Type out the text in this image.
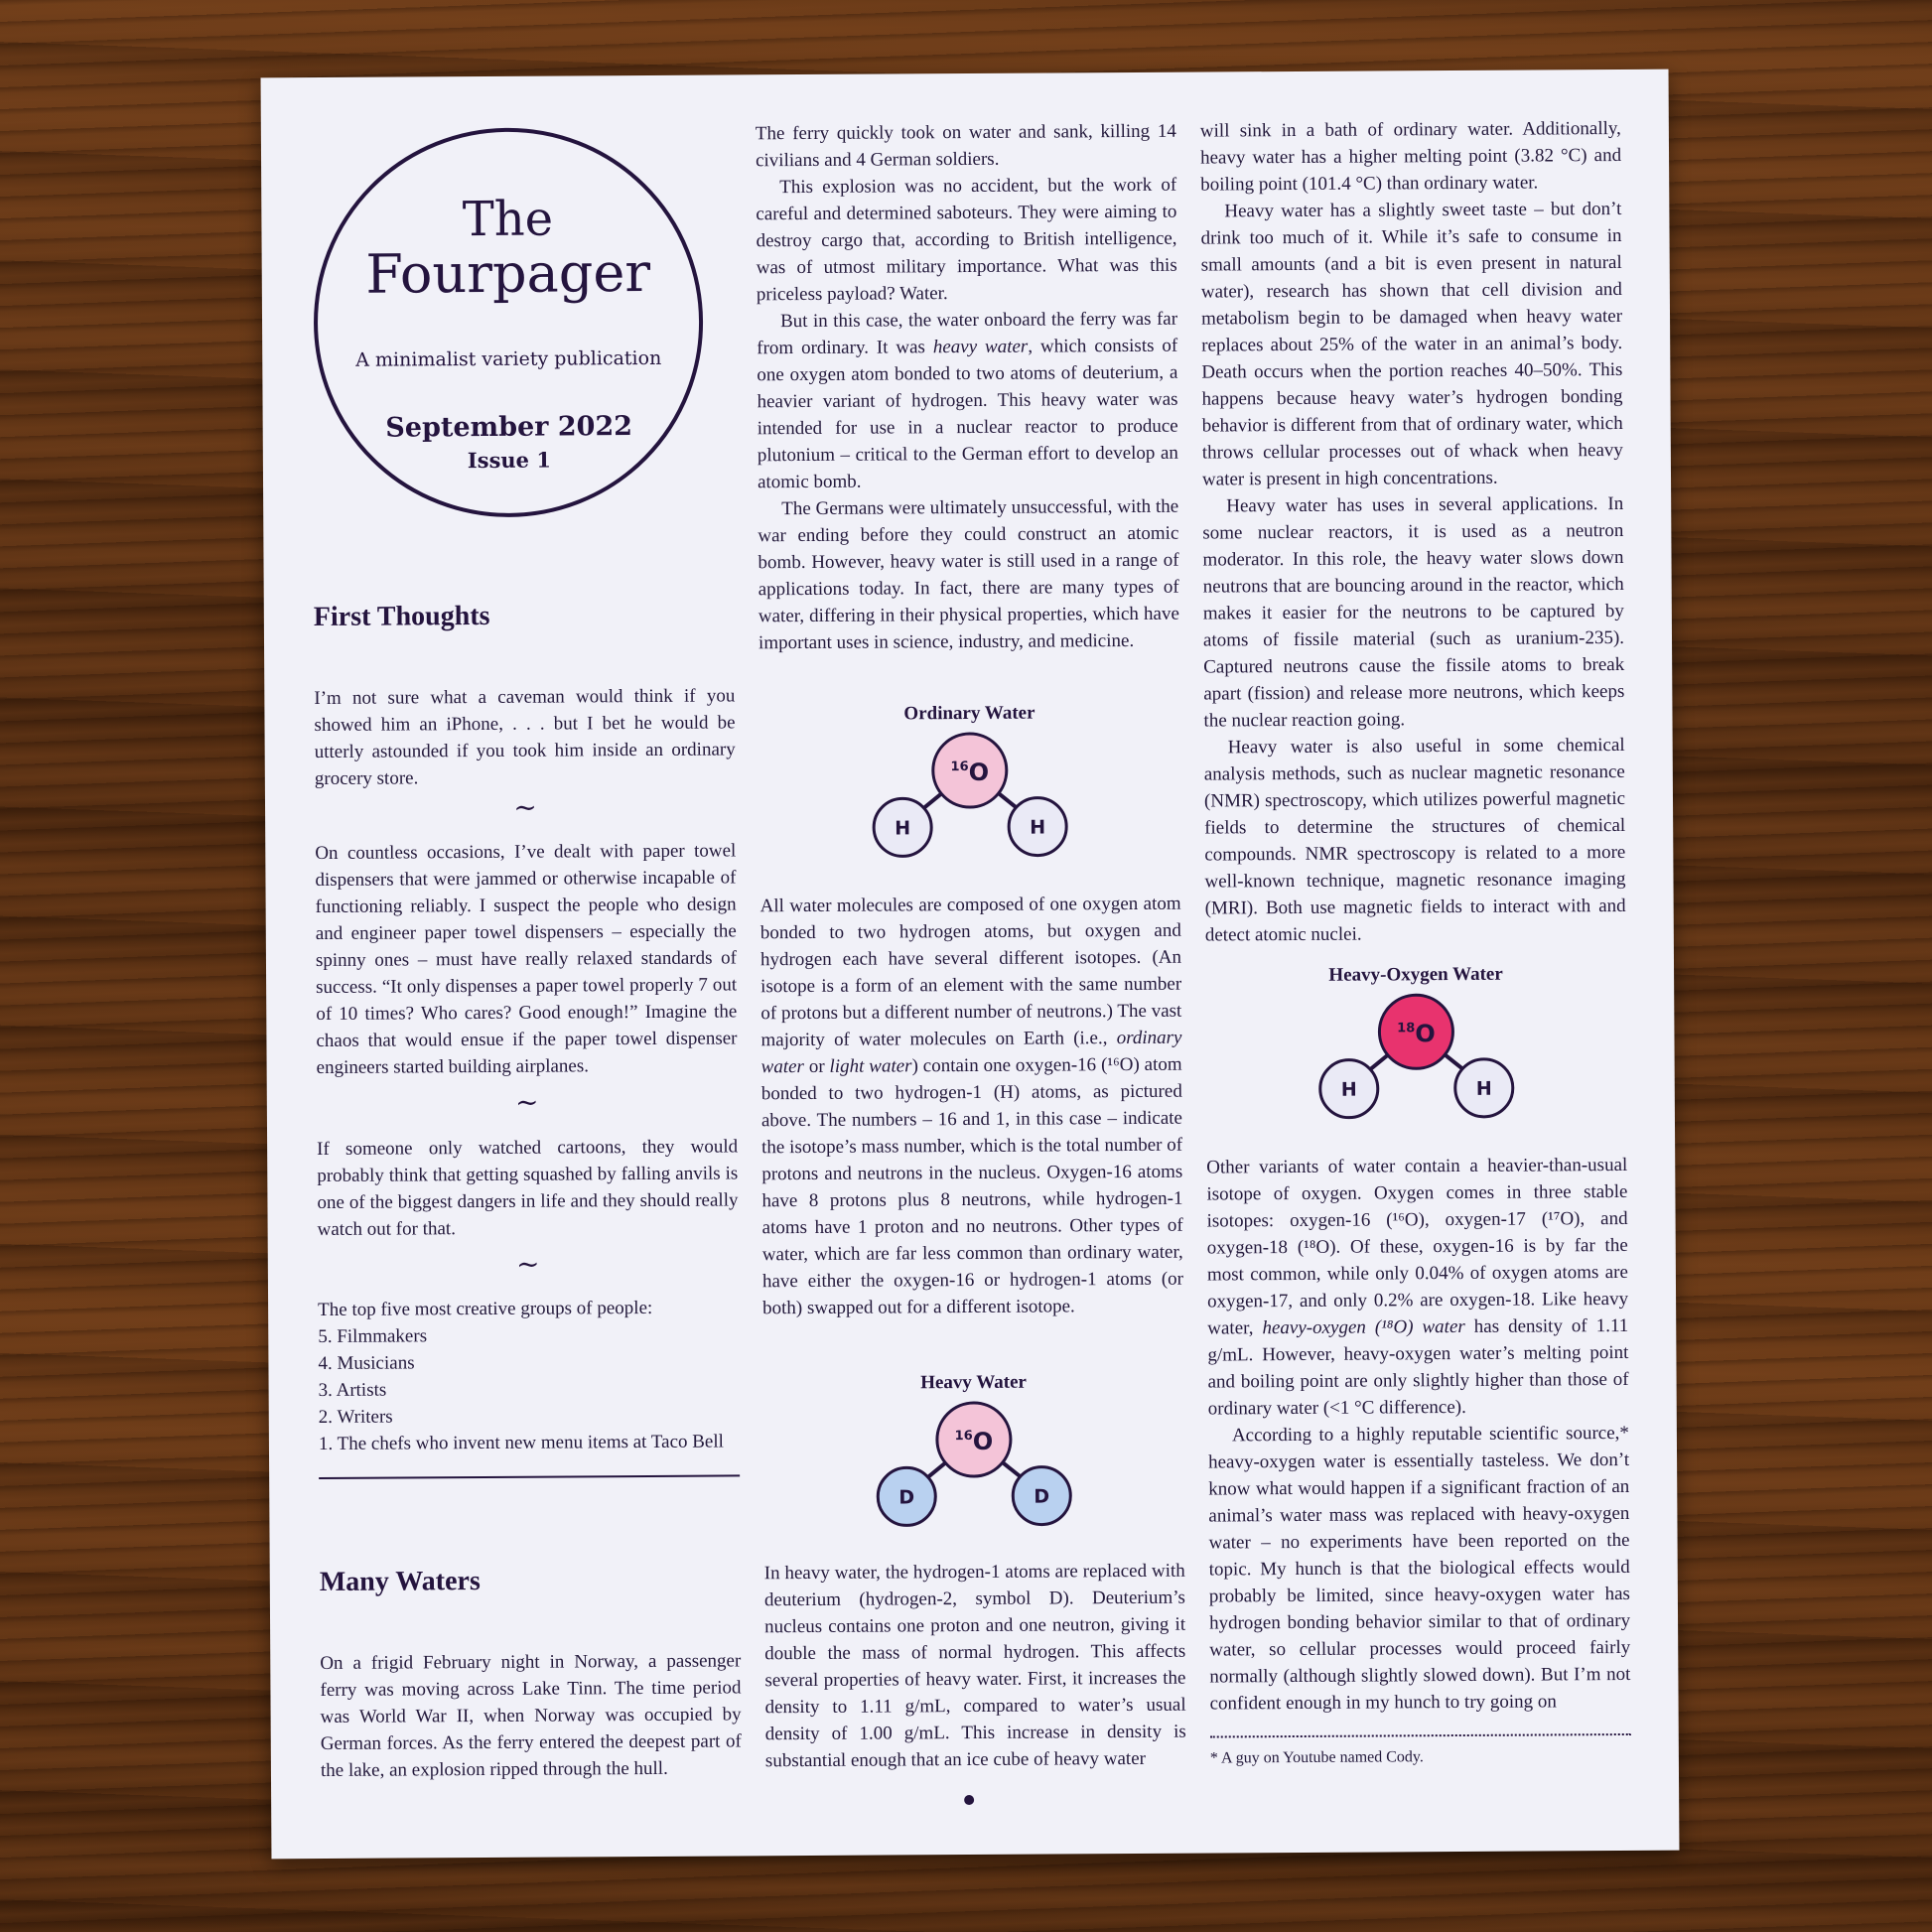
The
Fourpager
A minimalist variety publication
September 2022
Issue 1
First Thoughts
I’m not sure what a caveman would think if you showed him an iPhone, . . . but I bet he would be utterly astounded if you took him inside an ordinary grocery store.
~
On countless occasions, I’ve dealt with paper towel dispensers that were jammed or otherwise incapable of functioning reliably. I suspect the people who design and engineer paper towel dispensers – especially the spinny ones – must have really relaxed standards of success. “It only dispenses a paper towel properly 7 out of 10 times? Who cares? Good enough!” Imagine the chaos that would ensue if the paper towel dispenser engineers started building airplanes.
~
If someone only watched cartoons, they would probably think that getting squashed by falling anvils is one of the biggest dangers in life and they should really watch out for that.
~
The top five most creative groups of people:
5. Filmmakers
4. Musicians
3. Artists
2. Writers
1. The chefs who invent new menu items at Taco Bell
Many Waters
On a frigid February night in Norway, a passenger ferry was moving across Lake Tinn. The time period was World War II, when Norway was occupied by German forces. As the ferry entered the deepest part of the lake, an explosion ripped through the hull.

The ferry quickly took on water and sank, killing 14 civilians and 4 German soldiers.

This explosion was no accident, but the work of careful and determined saboteurs. They were aiming to destroy cargo that, according to British intelligence, was of utmost military importance. What was this priceless payload? Water.

But in this case, the water onboard the ferry was far from ordinary. It was heavy water, which consists of one oxygen atom bonded to two atoms of deuterium, a heavier variant of hydrogen. This heavy water was intended for use in a nuclear reactor to produce plutonium – critical to the German effort to develop an atomic bomb.

The Germans were ultimately unsuccessful, with the war ending before they could construct an atomic bomb. However, heavy water is still used in a range of applications today. In fact, there are many types of water, differing in their physical properties, which have important uses in science, industry, and medicine.

Ordinary Water
$^{16}$O
H	H

All water molecules are composed of one oxygen atom bonded to two hydrogen atoms, but oxygen and hydrogen each have several different isotopes. (An isotope is a form of an element with the same number of protons but a different number of neutrons.) The vast majority of water molecules on Earth (i.e., ordinary water or light water) contain one oxygen-16 (¹⁶O) atom bonded to two hydrogen-1 (H) atoms, as pictured above. The numbers – 16 and 1, in this case – indicate the isotope’s mass number, which is the total number of protons and neutrons in the nucleus. Oxygen-16 atoms have 8 protons plus 8 neutrons, while hydrogen-1 atoms have 1 proton and no neutrons. Other types of water, which are far less common than ordinary water, have either the oxygen-16 or hydrogen-1 atoms (or both) swapped out for a different isotope.

Heavy Water
$^{16}$O
D	D

In heavy water, the hydrogen-1 atoms are replaced with deuterium (hydrogen-2, symbol D). Deuterium’s nucleus contains one proton and one neutron, giving it double the mass of normal hydrogen. This affects several properties of heavy water. First, it increases the density to 1.11 g/mL, compared to water’s usual density of 1.00 g/mL. This increase in density is substantial enough that an ice cube of heavy water

will sink in a bath of ordinary water. Additionally, heavy water has a higher melting point (3.82 °C) and boiling point (101.4 °C) than ordinary water.

Heavy water has a slightly sweet taste – but don’t drink too much of it. While it’s safe to consume in small amounts (and a bit is even present in natural water), research has shown that cell division and metabolism begin to be damaged when heavy water replaces about 25% of the water in an animal’s body. Death occurs when the portion reaches 40–50%. This happens because heavy water’s hydrogen bonding behavior is different from that of ordinary water, which throws cellular processes out of whack when heavy water is present in high concentrations.

Heavy water has uses in several applications. In some nuclear reactors, it is used as a neutron moderator. In this role, the heavy water slows down neutrons that are bouncing around in the reactor, which makes it easier for the neutrons to be captured by atoms of fissile material (such as uranium-235). Captured neutrons cause the fissile atoms to break apart (fission) and release more neutrons, which keeps the nuclear reaction going.

Heavy water is also useful in some chemical analysis methods, such as nuclear magnetic resonance (NMR) spectroscopy, which utilizes powerful magnetic fields to determine the structures of chemical compounds. NMR spectroscopy is related to a more well-known technique, magnetic resonance imaging (MRI). Both use magnetic fields to interact with and detect atomic nuclei.

Heavy-Oxygen Water
$^{18}$O
H	H

Other variants of water contain a heavier-than-usual isotope of oxygen. Oxygen comes in three stable isotopes: oxygen-16 (¹⁶O), oxygen-17 (¹⁷O), and oxygen-18 (¹⁸O). Of these, oxygen-16 is by far the most common, while only 0.04% of oxygen atoms are oxygen-17, and only 0.2% are oxygen-18. Like heavy water, heavy-oxygen (¹⁸O) water has density of 1.11 g/mL. However, heavy-oxygen water’s melting point and boiling point are only slightly higher than those of ordinary water (<1 °C difference).

According to a highly reputable scientific source,* heavy-oxygen water is essentially tasteless. We don’t know what would happen if a significant fraction of an animal’s water mass was replaced with heavy-oxygen water – no experiments have been reported on the topic. My hunch is that the biological effects would probably be limited, since heavy-oxygen water has hydrogen bonding behavior similar to that of ordinary water, so cellular processes would proceed fairly normally (although slightly slowed down). But I’m not confident enough in my hunch to try going on

* A guy on Youtube named Cody.
